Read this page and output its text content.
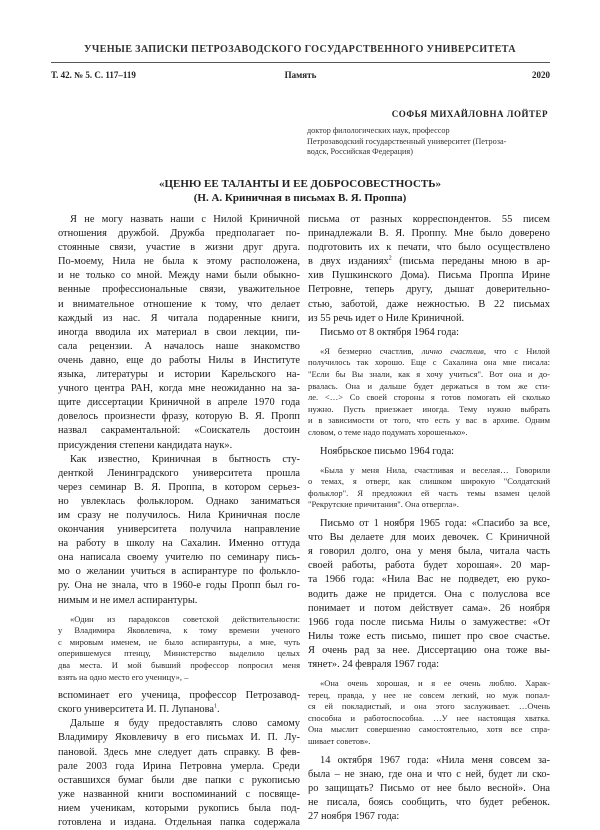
УЧЕНЫЕ ЗАПИСКИ ПЕТРОЗАВОДСКОГО ГОСУДАРСТВЕННОГО УНИВЕРСИТЕТА
Т. 42. № 5. С. 117–119	Память	2020
СОФЬЯ МИХАЙЛОВНА ЛОЙТЕР
доктор филологических наук, профессор
Петрозаводский государственный университет (Петроза-
водск, Российская Федерация)
«ЦЕНЮ ЕЕ ТАЛАНТЫ И ЕЕ ДОБРОСОВЕСТНОСТЬ»
(Н. А. Криничная в письмах В. Я. Проппа)
Я не могу назвать наши с Нилой Криничной
отношения дружбой. Дружба предполагает по-
стоянные связи, участие в жизни друг друга.
По-моему, Нила не была к этому расположена,
и не только со мной. Между нами были обыкно-
венные профессиональные связи, уважительное
и внимательное отношение к тому, что делает
каждый из нас. Я читала подаренные книги,
иногда вводила их материал в свои лекции, пи-
сала рецензии. А началось наше знакомство
очень давно, еще до работы Нилы в Институте
языка, литературы и истории Карельского на-
учного центра РАН, когда мне неожиданно на за-
щите диссертации Криничной в апреле 1970 года
довелось произнести фразу, которую В. Я. Пропп
назвал сакраментальной: «Соискатель достоин
присуждения степени кандидата наук».
Как известно, Криничная в бытность сту-
денткой Ленинградского университета прошла
через семинар В. Я. Проппа, в котором серьез-
но увлеклась фольклором. Однако заниматься
им сразу не получилось. Нила Криничная после
окончания университета получила направление
на работу в школу на Сахалин. Именно оттуда
она написала своему учителю по семинару пись-
мо о желании учиться в аспирантуре по фолькло-
ру. Она не знала, что в 1960-е годы Пропп был го-
нимым и не имел аспирантуры.
«Один из парадоксов советской действительности:
у Владимира Яковлевича, к тому времени ученого
с мировым именем, не было аспирантуры, а мне, чуть
оперившемуся птенцу, Министерство выделило целых
два места. И мой бывший профессор попросил меня
взять на одно место его ученицу», –
вспоминает его ученица, профессор Петрозавод-
ского университета И. П. Лупанова$^1$.
Дальше я буду предоставлять слово самому
Владимиру Яковлевичу в его письмах И. П. Лу-
пановой. Здесь мне следует дать справку. В фев-
рале 2003 года Ирина Петровна умерла. Среди
оставшихся бумаг были две папки с рукописью
уже названной книги воспоминаний с посвяще-
нием ученикам, которыми рукопись была под-
готовлена и издана. Отдельная папка содержала
письма от разных корреспондентов. 55 писем
принадлежали В. Я. Проппу. Мне было доверено
подготовить их к печати, что было осуществлено
в двух изданиях$^2$ (письма переданы мною в ар-
хив Пушкинского Дома). Письма Проппа Ирине
Петровне, теперь другу, дышат доверительно-
стью, заботой, даже нежностью. В 22 письмах
из 55 речь идет о Ниле Криничной.
Письмо от 8 октября 1964 года:
«Я безмерно счастлив, лично счастлив, что с Нилой
получилось так хорошо. Еще с Сахалина она мне писала:
"Если бы Вы знали, как я хочу учиться". Вот она и до-
рвалась. Она и дальше будет держаться в том же сти-
ле. <…> Со своей стороны я готов помогать ей сколько
нужно. Пусть приезжает иногда. Тему нужно выбрать
и в зависимости от того, что есть у вас в архиве. Одним
словом, о теме надо подумать хорошенько».
Ноябрьское письмо 1964 года:
«Была у меня Нила, счастливая и веселая… Говорили
о темах, я отверг, как слишком широкую "Солдатский
фольклор". Я предложил ей часть темы взамен целой
"Рекрутские причитания". Она отвергла».
Письмо от 1 ноября 1965 года: «Спасибо за все,
что Вы делаете для моих девочек. С Криничной
я говорил долго, она у меня была, читала часть
своей работы, работа будет хорошая». 20 мар-
та 1966 года: «Нила Вас не подведет, ею руко-
водить даже не придется. Она с полуслова все
понимает и потом действует сама». 26 ноября
1966 года после письма Нилы о замужестве: «От
Нилы тоже есть письмо, пишет про свое счастье.
Я очень рад за нее. Диссертацию она тоже вы-
тянет». 24 февраля 1967 года:
«Она очень хорошая, и я ее очень люблю. Харак-
терец, правда, у нее не совсем легкий, но муж попал-
ся ей покладистый, и она этого заслуживает. …Очень
способна и работоспособна. …У нее настоящая хватка.
Она мыслит совершенно самостоятельно, хотя все спра-
шивает советов».
14 октября 1967 года: «Нила меня совсем за-
была – не знаю, где она и что с ней, будет ли ско-
ро защищать? Письмо от нее было весной». Она
не писала, боясь сообщить, что будет ребенок.
27 ноября 1967 года:
